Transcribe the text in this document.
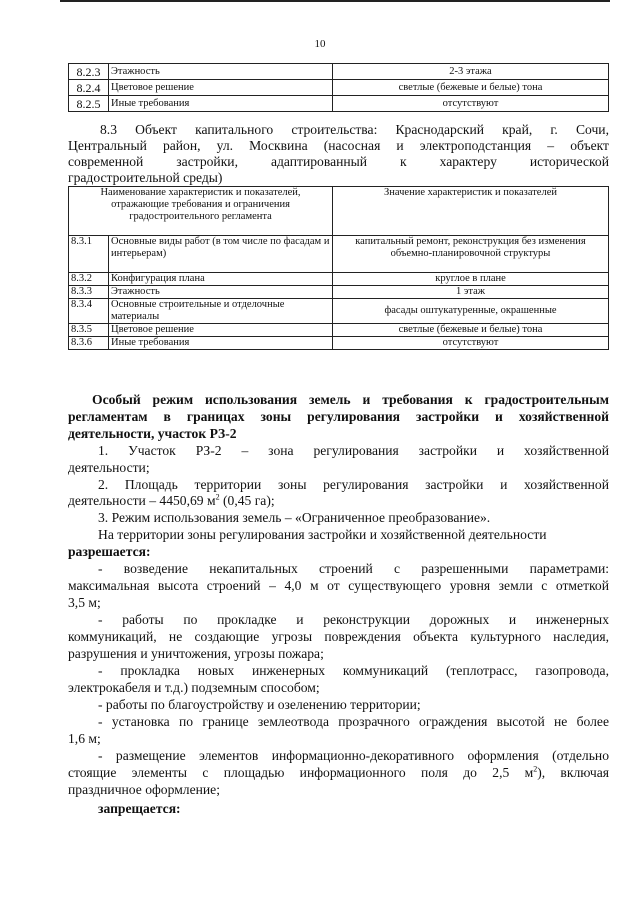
10
8.2.3	Этажность	2-3 этажа
8.2.4	Цветовое решение	светлые (бежевые и белые) тона
8.2.5	Иные требования	отсутствуют
8.3 Объект капитального строительства: Краснодарский край, г. Сочи,
Центральный район, ул. Москвина (насосная и электроподстанция – объект
современной застройки, адаптированный к характеру исторической
градостроительной среды)
Наименование характеристик и показателей, отражающие требования и ограничения градостроительного регламента		Значение характеристик и показателей
8.3.1	Основные виды работ (в том числе по фасадам и интерьерам)	капитальный ремонт, реконструкция без изменения объемно-планировочной структуры
8.3.2	Конфигурация плана	круглое в плане
8.3.3	Этажность	1 этаж
8.3.4	Основные строительные и отделочные материалы	фасады оштукатуренные, окрашенные
8.3.5	Цветовое решение	светлые (бежевые и белые) тона
8.3.6	Иные требования	отсутствуют
Особый режим использования земель и требования к градостроительным
регламентам в границах зоны регулирования застройки и хозяйственной
деятельности, участок РЗ-2
1. Участок РЗ-2 – зона регулирования застройки и хозяйственной
деятельности;
2. Площадь территории зоны регулирования застройки и хозяйственной
деятельности – 4450,69 $м^2$ (0,45 га);
3. Режим использования земель – «Ограниченное преобразование».
На территории зоны регулирования застройки и хозяйственной деятельности
разрешается:
- возведение некапитальных строений с разрешенными параметрами:
максимальная высота строений – 4,0 м от существующего уровня земли с отметкой
3,5 м;
- работы по прокладке и реконструкции дорожных и инженерных
коммуникаций, не создающие угрозы повреждения объекта культурного наследия,
разрушения и уничтожения, угрозы пожара;
- прокладка новых инженерных коммуникаций (теплотрасс, газопровода,
электрокабеля и т.д.) подземным способом;
- работы по благоустройству и озеленению территории;
- установка по границе землеотвода прозрачного ограждения высотой не более
1,6 м;
- размещение элементов информационно-декоративного оформления (отдельно
стоящие элементы с площадью информационного поля до 2,5 $м^2$), включая
праздничное оформление;
запрещается:
